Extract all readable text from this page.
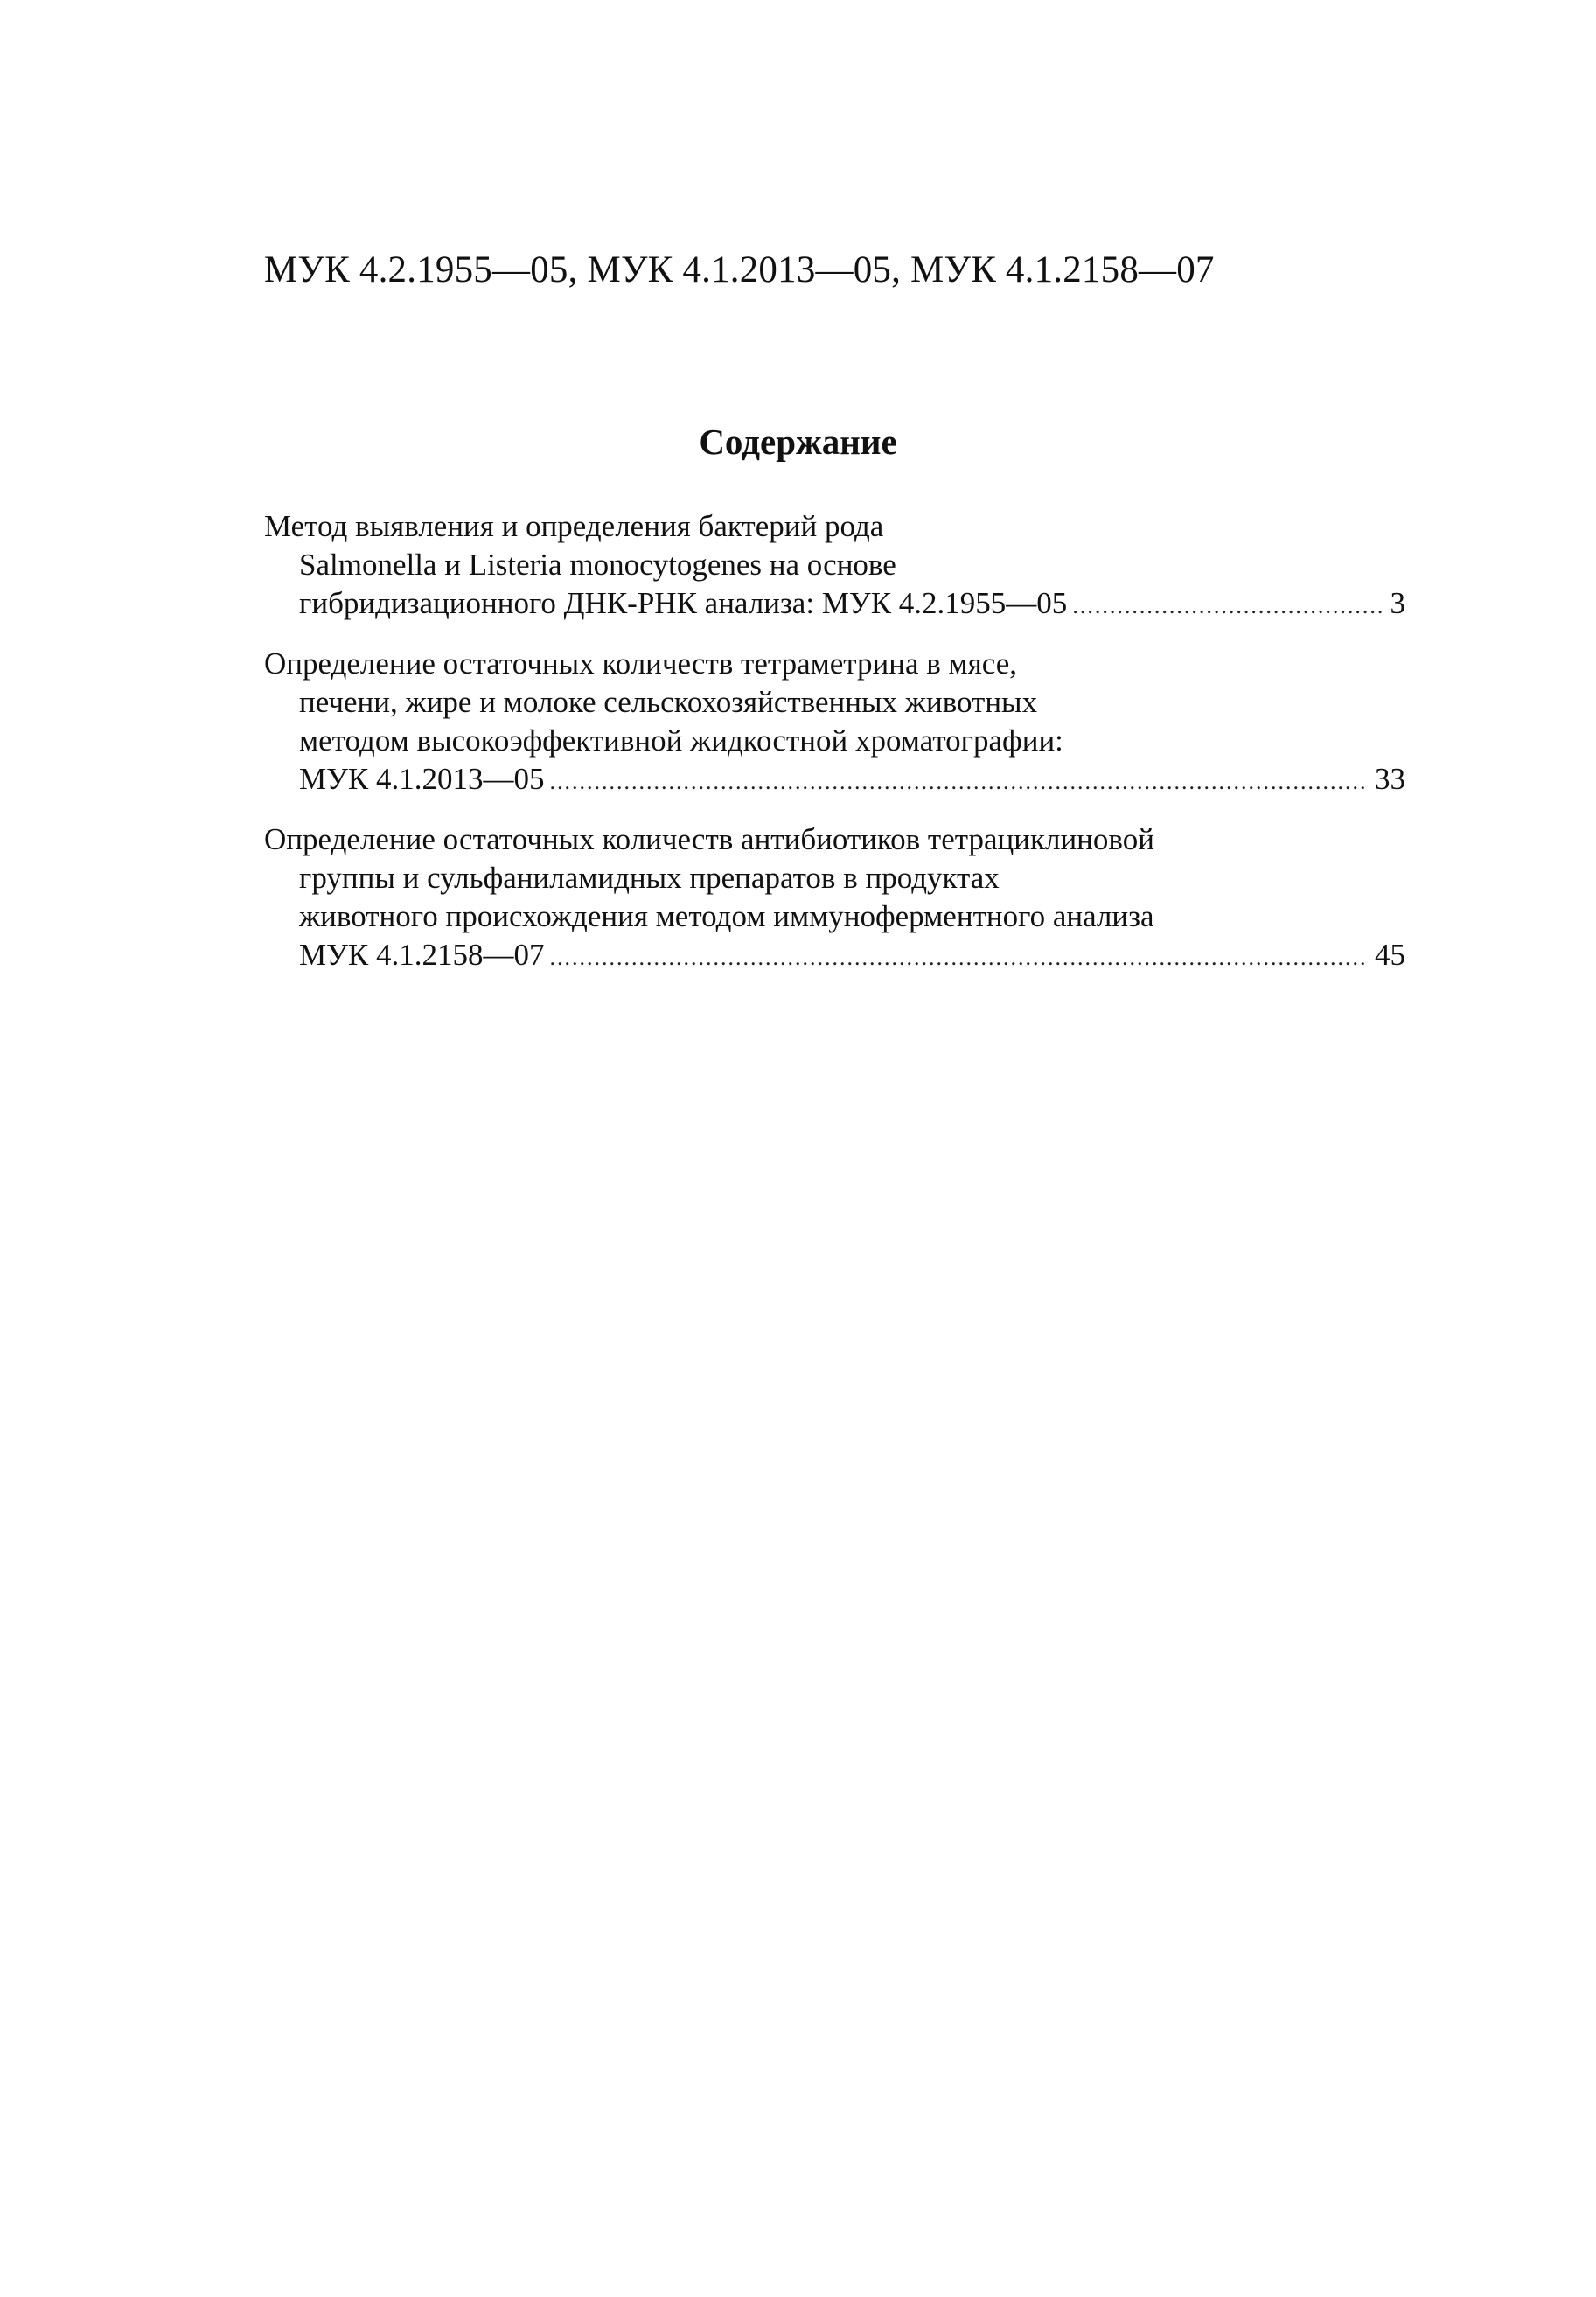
МУК 4.2.1955—05, МУК 4.1.2013—05, МУК 4.1.2158—07
Содержание
Метод выявления и определения бактерий рода
Salmonella и Listeria monocytogenes на основе
гибридизационного ДНК-РНК анализа: МУК 4.2.1955—05 .....	3
Определение остаточных количеств тетраметрина в мясе,
печени, жире и молоке сельскохозяйственных животных
методом высокоэффективной жидкостной хроматографии:
МУК 4.1.2013—05 .....	33
Определение остаточных количеств антибиотиков тетрациклиновой
группы и сульфаниламидных препаратов в продуктах
животного происхождения методом иммуноферментного анализа
МУК 4.1.2158—07 .....	45
